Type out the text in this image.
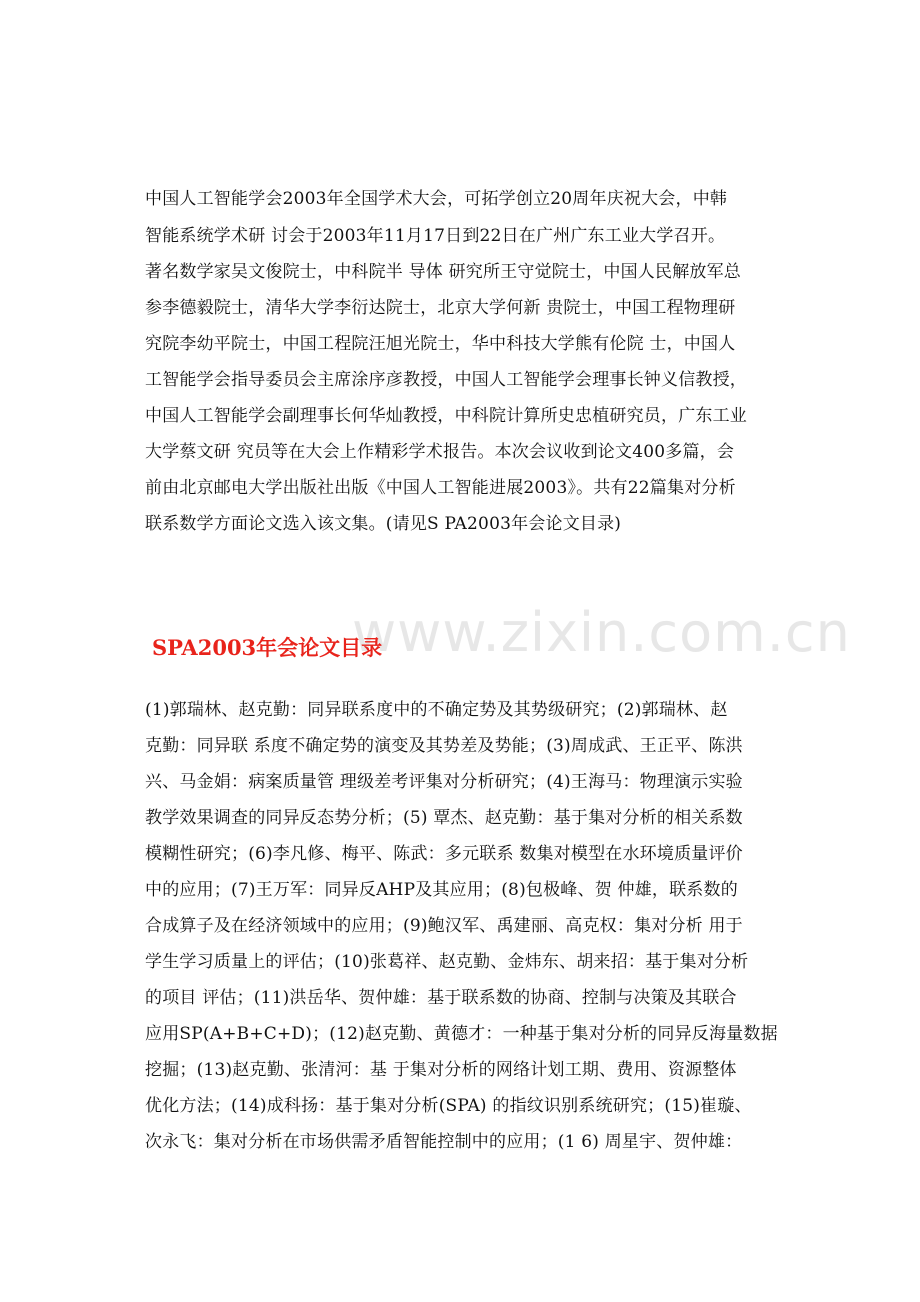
www.zixin.com.cn
中国人工智能学会2003年全国学术大会，可拓学创立20周年庆祝大会，中韩
智能系统学术研 讨会于2003年11月17日到22日在广州广东工业大学召开。
著名数学家吴文俊院士，中科院半 导体 研究所王守觉院士，中国人民解放军总
参李德毅院士，清华大学李衍达院士，北京大学何新 贵院士，中国工程物理研
究院李幼平院士，中国工程院汪旭光院士，华中科技大学熊有伦院 士，中国人
工智能学会指导委员会主席涂序彦教授，中国人工智能学会理事长钟义信教授，
中国人工智能学会副理事长何华灿教授，中科院计算所史忠植研究员，广东工业
大学蔡文研 究员等在大会上作精彩学术报告。本次会议收到论文400多篇，会
前由北京邮电大学出版社出版《中国人工智能进展2003》。共有22篇集对分析
联系数学方面论文选入该文集。(请见S PA2003年会论文目录)
SPA2003年会论文目录
(1)郭瑞林、赵克勤：同异联系度中的不确定势及其势级研究；(2)郭瑞林、赵
克勤：同异联 系度不确定势的演变及其势差及势能；(3)周成武、王正平、陈洪
兴、马金娟：病案质量管 理级差考评集对分析研究；(4)王海马：物理演示实验
教学效果调查的同异反态势分析；(5) 覃杰、赵克勤：基于集对分析的相关系数
模糊性研究；(6)李凡修、梅平、陈武：多元联系 数集对模型在水环境质量评价
中的应用；(7)王万军：同异反AHP及其应用；(8)包极峰、贺 仲雄，联系数的
合成算子及在经济领域中的应用；(9)鲍汉军、禹建丽、高克权：集对分析 用于
学生学习质量上的评估；(10)张葛祥、赵克勤、金炜东、胡来招：基于集对分析
的项目 评估；(11)洪岳华、贺仲雄：基于联系数的协商、控制与决策及其联合
应用SP(A+B+C+D)；(12)赵克勤、黄德才：一种基于集对分析的同异反海量数据
挖掘；(13)赵克勤、张清河：基 于集对分析的网络计划工期、费用、资源整体
优化方法；(14)成科扬：基于集对分析(SPA) 的指纹识别系统研究；(15)崔璇、
次永飞：集对分析在市场供需矛盾智能控制中的应用；(1 6) 周星宇、贺仲雄：
